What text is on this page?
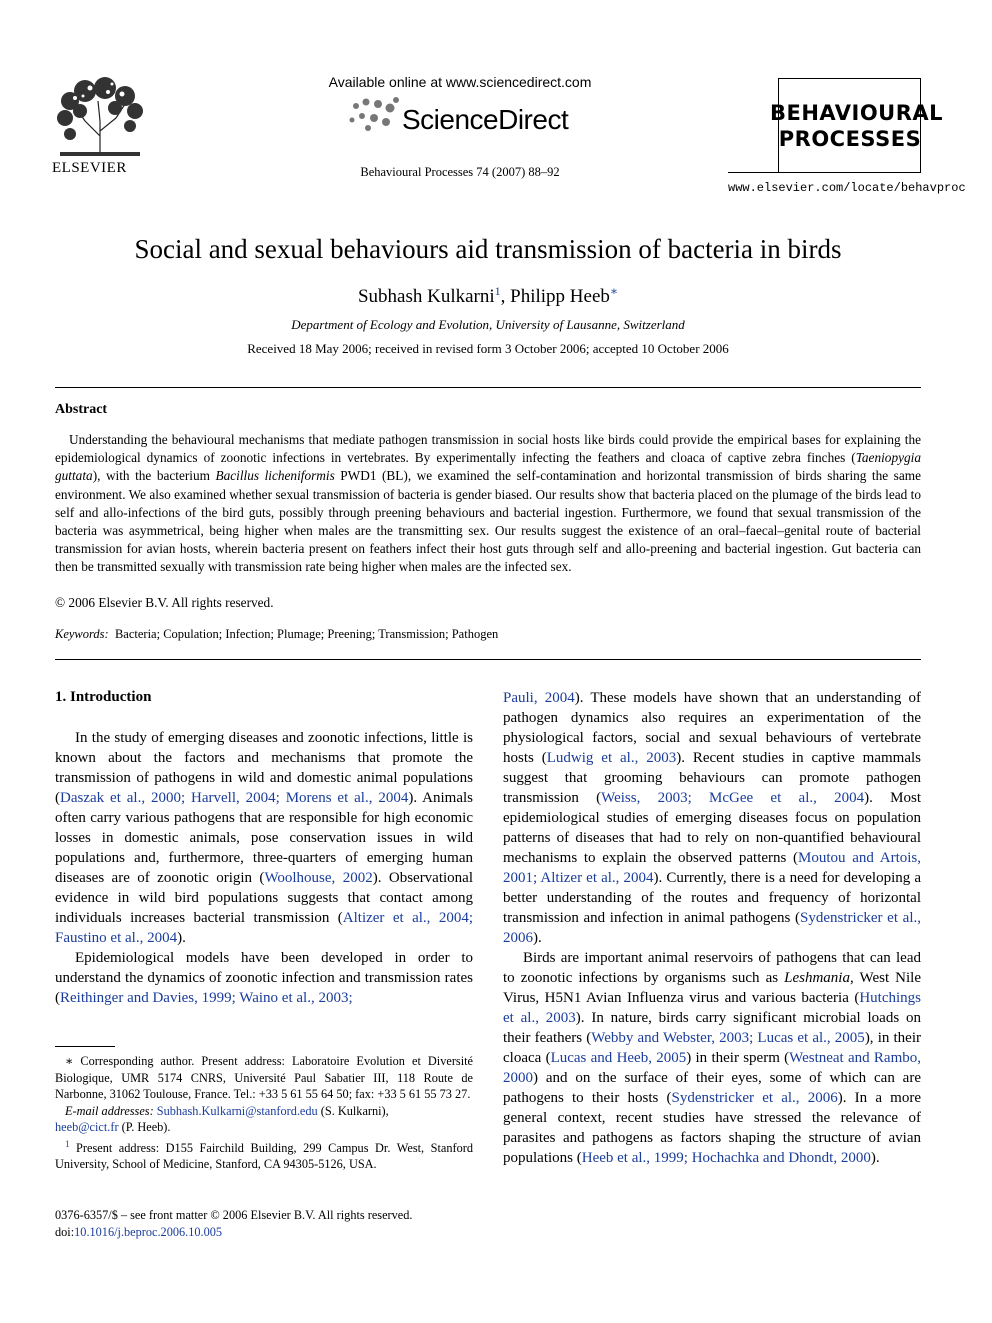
ELSEVIER
Available online at www.sciencedirect.com
ScienceDirect
Behavioural Processes 74 (2007) 88–92
BEHAVIOURAL
PROCESSES
www.elsevier.com/locate/behavproc
Social and sexual behaviours aid transmission of bacteria in birds
Subhash Kulkarni$^1$, Philipp Heeb∗
Department of Ecology and Evolution, University of Lausanne, Switzerland
Received 18 May 2006; received in revised form 3 October 2006; accepted 10 October 2006
Abstract
Understanding the behavioural mechanisms that mediate pathogen transmission in social hosts like birds could provide the empirical bases for explaining the epidemiological dynamics of zoonotic infections in vertebrates. By experimentally infecting the feathers and cloaca of captive zebra finches (Taeniopygia guttata), with the bacterium Bacillus licheniformis PWD1 (BL), we examined the self-contamination and horizontal transmission of birds sharing the same environment. We also examined whether sexual transmission of bacteria is gender biased. Our results show that bacteria placed on the plumage of the birds lead to self and allo-infections of the bird guts, possibly through preening behaviours and bacterial ingestion. Furthermore, we found that sexual transmission of the bacteria was asymmetrical, being higher when males are the transmitting sex. Our results suggest the existence of an oral–faecal–genital route of bacterial transmission for avian hosts, wherein bacteria present on feathers infect their host guts through self and allo-preening and bacterial ingestion. Gut bacteria can then be transmitted sexually with transmission rate being higher when males are the infected sex.
© 2006 Elsevier B.V. All rights reserved.
Keywords: Bacteria; Copulation; Infection; Plumage; Preening; Transmission; Pathogen
1. Introduction

In the study of emerging diseases and zoonotic infections, little is known about the factors and mechanisms that promote the transmission of pathogens in wild and domestic animal populations (Daszak et al., 2000; Harvell, 2004; Morens et al., 2004). Animals often carry various pathogens that are responsible for high economic losses in domestic animals, pose conservation issues in wild populations and, furthermore, three-quarters of emerging human diseases are of zoonotic origin (Woolhouse, 2002). Observational evidence in wild bird populations suggests that contact among individuals increases bacterial transmission (Altizer et al., 2004; Faustino et al., 2004).

Epidemiological models have been developed in order to understand the dynamics of zoonotic infection and transmission rates (Reithinger and Davies, 1999; Waino et al., 2003;

Pauli, 2004). These models have shown that an understanding of pathogen dynamics also requires an experimentation of the physiological factors, social and sexual behaviours of vertebrate hosts (Ludwig et al., 2003). Recent studies in captive mammals suggest that grooming behaviours can promote pathogen transmission (Weiss, 2003; McGee et al., 2004). Most epidemiological studies of emerging diseases focus on population patterns of diseases that had to rely on non-quantified behavioural mechanisms to explain the observed patterns (Moutou and Artois, 2001; Altizer et al., 2004). Currently, there is a need for developing a better understanding of the routes and frequency of horizontal transmission and infection in animal pathogens (Sydenstricker et al., 2006).

Birds are important animal reservoirs of pathogens that can lead to zoonotic infections by organisms such as Leshmania, West Nile Virus, H5N1 Avian Influenza virus and various bacteria (Hutchings et al., 2003). In nature, birds carry significant microbial loads on their feathers (Webby and Webster, 2003; Lucas et al., 2005), in their cloaca (Lucas and Heeb, 2005) in their sperm (Westneat and Rambo, 2000) and on the surface of their eyes, some of which can are pathogens to their hosts (Sydenstricker et al., 2006). In a more general context, recent studies have stressed the relevance of parasites and pathogens as factors shaping the structure of avian populations (Heeb et al., 1999; Hochachka and Dhondt, 2000).

∗ Corresponding author. Present address: Laboratoire Evolution et Diversité Biologique, UMR 5174 CNRS, Université Paul Sabatier III, 118 Route de Narbonne, 31062 Toulouse, France. Tel.: +33 5 61 55 64 50; fax: +33 5 61 55 73 27.

E-mail addresses: Subhash.Kulkarni@stanford.edu (S. Kulkarni),
heeb@cict.fr (P. Heeb).

$^1$ Present address: D155 Fairchild Building, 299 Campus Dr. West, Stanford University, School of Medicine, Stanford, CA 94305-5126, USA.

0376-6357/$ – see front matter © 2006 Elsevier B.V. All rights reserved.
doi:10.1016/j.beproc.2006.10.005
